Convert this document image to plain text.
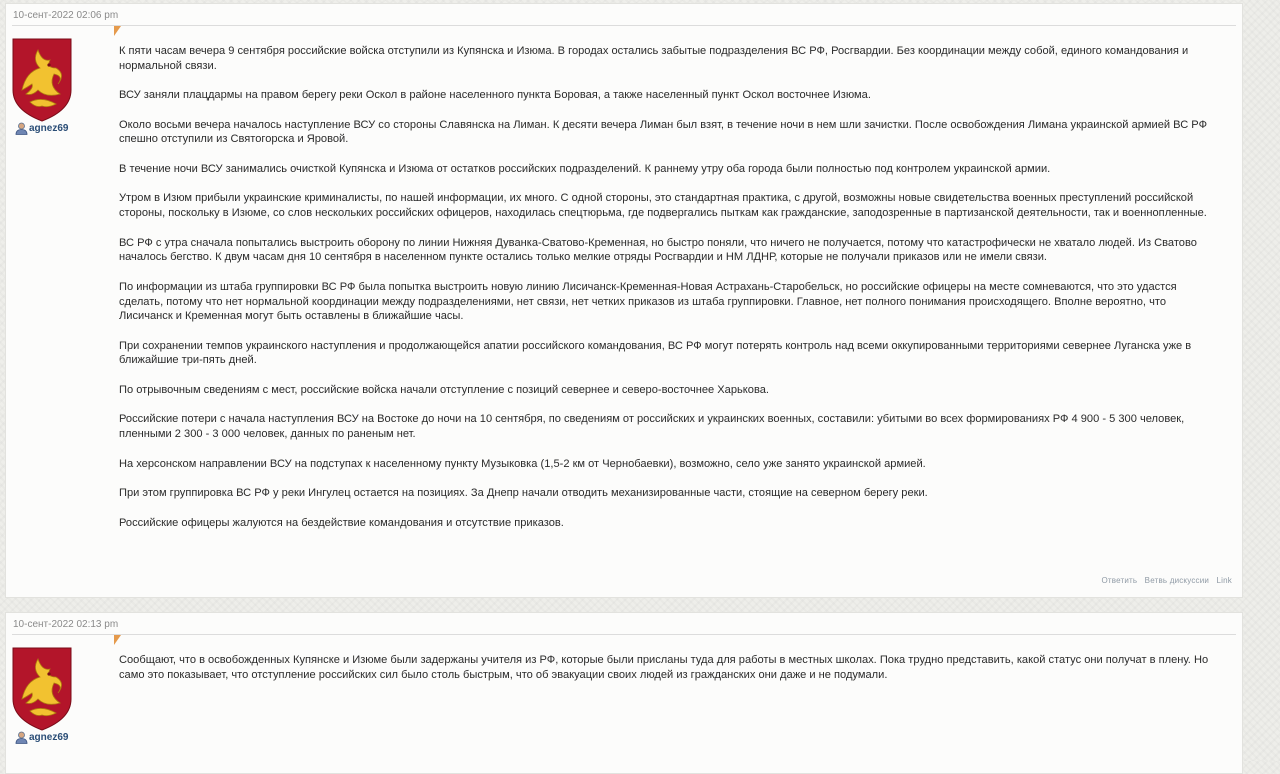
10-сент-2022 02:06 pm
agnez69

К пяти часам вечера 9 сентября российские войска отступили из Купянска и Изюма. В городах остались забытые подразделения ВС РФ, Росгвардии. Без координации между собой, единого командования и нормальной связи.

ВСУ заняли плацдармы на правом берегу реки Оскол в районе населенного пункта Боровая, а также населенный пункт Оскол восточнее Изюма.

Около восьми вечера началось наступление ВСУ со стороны Славянска на Лиман. К десяти вечера Лиман был взят, в течение ночи в нем шли зачистки. После освобождения Лимана украинской армией ВС РФ спешно отступили из Святогорска и Яровой.

В течение ночи ВСУ занимались очисткой Купянска и Изюма от остатков российских подразделений. К раннему утру оба города были полностью под контролем украинской армии.

Утром в Изюм прибыли украинские криминалисты, по нашей информации, их много. С одной стороны, это стандартная практика, с другой, возможны новые свидетельства военных преступлений российской стороны, поскольку в Изюме, со слов нескольких российских офицеров, находилась спецтюрьма, где подвергались пыткам как гражданские, заподозренные в партизанской деятельности, так и военнопленные.

ВС РФ с утра сначала попытались выстроить оборону по линии Нижняя Дуванка-Сватово-Кременная, но быстро поняли, что ничего не получается, потому что катастрофически не хватало людей. Из Сватово началось бегство. К двум часам дня 10 сентября в населенном пункте остались только мелкие отряды Росгвардии и НМ ЛДНР, которые не получали приказов или не имели связи.

По информации из штаба группировки ВС РФ была попытка выстроить новую линию Лисичанск-Кременная-Новая Астрахань-Старобельск, но российские офицеры на месте сомневаются, что это удастся сделать, потому что нет нормальной координации между подразделениями, нет связи, нет четких приказов из штаба группировки. Главное, нет полного понимания происходящего. Вполне вероятно, что Лисичанск и Кременная могут быть оставлены в ближайшие часы.

При сохранении темпов украинского наступления и продолжающейся апатии российского командования, ВС РФ могут потерять контроль над всеми оккупированными территориями севернее Луганска уже в ближайшие три-пять дней.

По отрывочным сведениям с мест, российские войска начали отступление с позиций севернее и северо-восточнее Харькова.

Российские потери с начала наступления ВСУ на Востоке до ночи на 10 сентября, по сведениям от российских и украинских военных, составили: убитыми во всех формированиях РФ 4 900 - 5 300 человек, пленными 2 300 - 3 000 человек, данных по раненым нет.

На херсонском направлении ВСУ на подступах к населенному пункту Музыковка (1,5-2 км от Чернобаевки), возможно, село уже занято украинской армией.

При этом группировка ВС РФ у реки Ингулец остается на позициях. За Днепр начали отводить механизированные части, стоящие на северном берегу реки.

Российские офицеры жалуются на бездействие командования и отсутствие приказов.

Ответить Ветвь дискуссии Link
10-сент-2022 02:13 pm
agnez69

Сообщают, что в освобожденных Купянске и Изюме были задержаны учителя из РФ, которые были присланы туда для работы в местных школах. Пока трудно представить, какой статус они получат в плену. Но само это показывает, что отступление российских сил было столь быстрым, что об эвакуации своих людей из гражданских они даже и не подумали.
